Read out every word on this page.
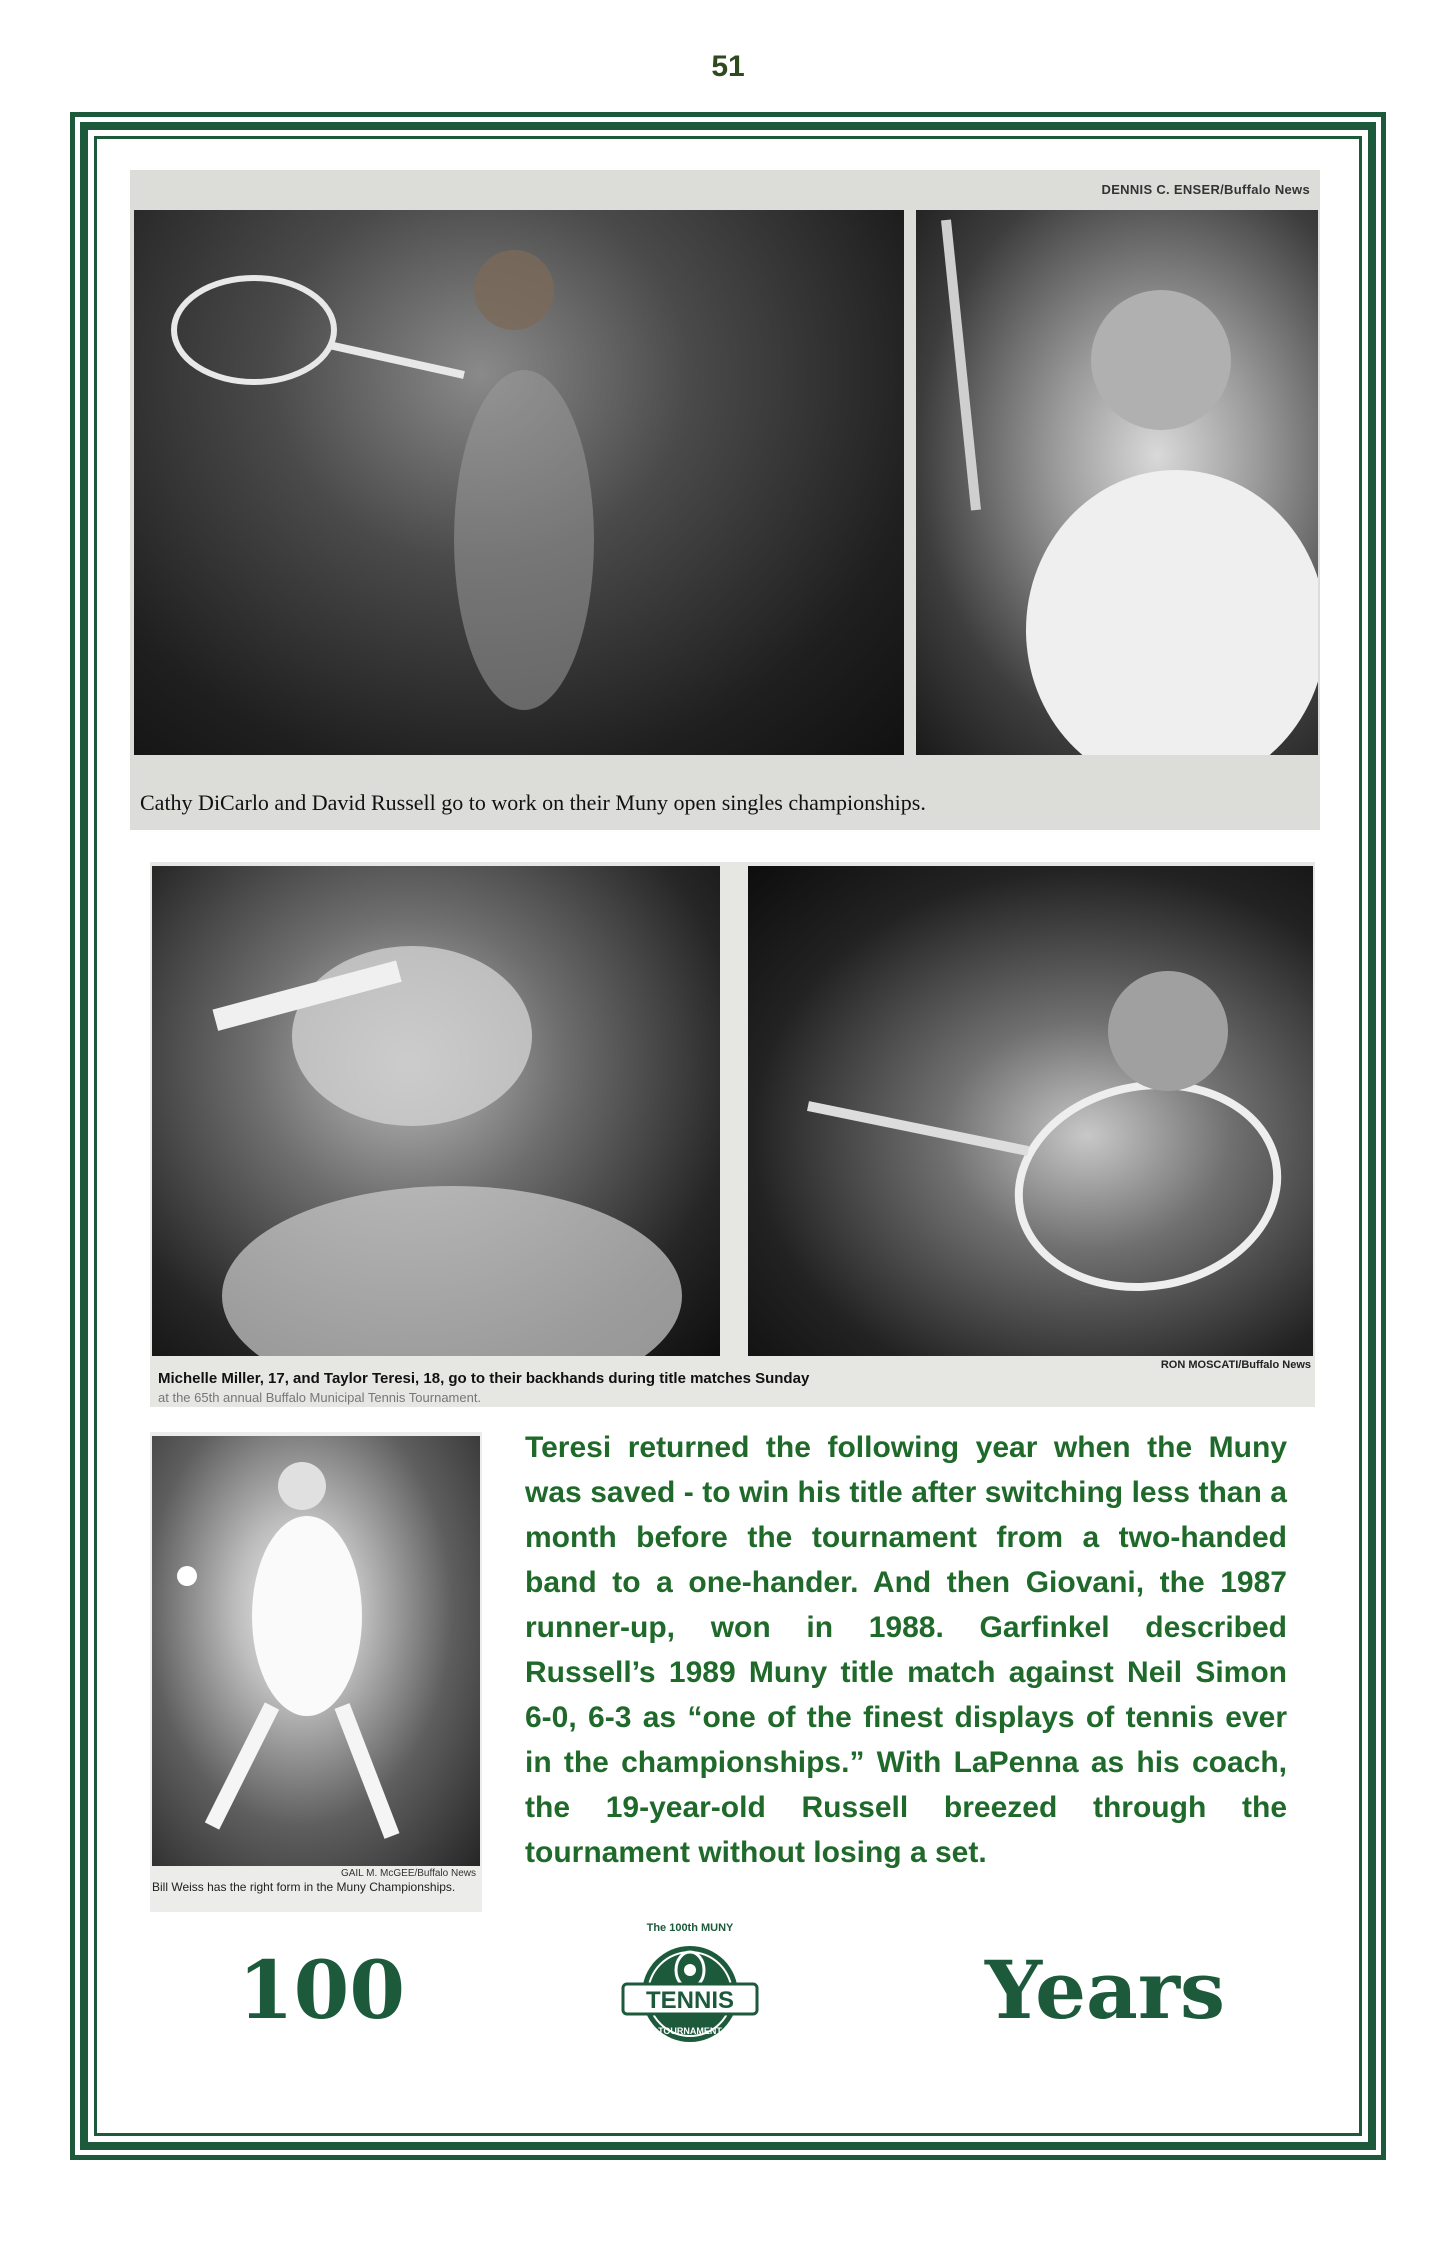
51
DENNIS C. ENSER/Buffalo News
Cathy DiCarlo and David Russell go to work on their Muny open singles championships.
RON MOSCATI/Buffalo News
Michelle Miller, 17, and Taylor Teresi, 18, go to their backhands during title matches Sunday
at the 65th annual Buffalo Municipal Tennis Tournament.
GAIL M. McGEE/Buffalo News
Bill Weiss has the right form in the Muny Championships.

Teresi returned the following year when the Muny was saved - to win his title after switching less than a month before the tournament from a two-handed band to a one-hander. And then Giovani, the 1987 runner-up, won in 1988. Garfinkel described Russell’s 1989 Muny title match against Neil Simon 6-0, 6-3 as “one of the finest displays of tennis ever in the championships.” With LaPenna as his coach, the 19-year-old Russell breezed through the tournament without losing a set.

100	Years
The 100th MUNY
TENNIS
TOURNAMENT
